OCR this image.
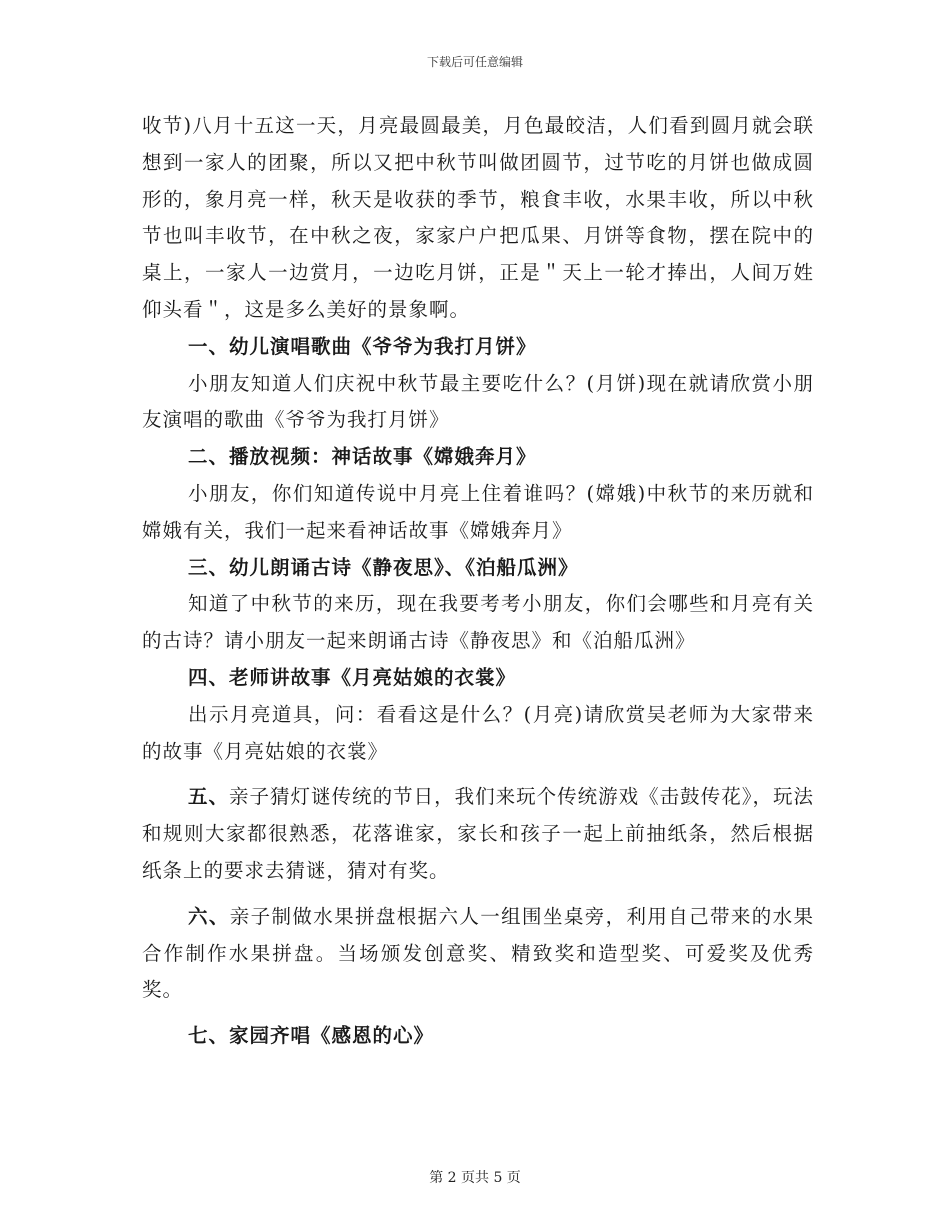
下载后可任意编辑

收节)八月十五这一天，月亮最圆最美，月色最皎洁，人们看到圆月就会联想到一家人的团聚，所以又把中秋节叫做团圆节，过节吃的月饼也做成圆形的，象月亮一样，秋天是收获的季节，粮食丰收，水果丰收，所以中秋节也叫丰收节，在中秋之夜，家家户户把瓜果、月饼等食物，摆在院中的桌上，一家人一边赏月，一边吃月饼，正是＂天上一轮才捧出，人间万姓仰头看＂，这是多么美好的景象啊。

一、幼儿演唱歌曲《爷爷为我打月饼》

小朋友知道人们庆祝中秋节最主要吃什么？(月饼)现在就请欣赏小朋友演唱的歌曲《爷爷为我打月饼》

二、播放视频：神话故事《嫦娥奔月》

小朋友，你们知道传说中月亮上住着谁吗？(嫦娥)中秋节的来历就和嫦娥有关，我们一起来看神话故事《嫦娥奔月》

三、幼儿朗诵古诗《静夜思》、《泊船瓜洲》

知道了中秋节的来历，现在我要考考小朋友，你们会哪些和月亮有关的古诗？请小朋友一起来朗诵古诗《静夜思》和《泊船瓜洲》

四、老师讲故事《月亮姑娘的衣裳》

出示月亮道具，问：看看这是什么？(月亮)请欣赏吴老师为大家带来的故事《月亮姑娘的衣裳》

五、亲子猜灯谜传统的节日，我们来玩个传统游戏《击鼓传花》，玩法和规则大家都很熟悉，花落谁家，家长和孩子一起上前抽纸条，然后根据纸条上的要求去猜谜，猜对有奖。

六、亲子制做水果拼盘根据六人一组围坐桌旁，利用自己带来的水果合作制作水果拼盘。当场颁发创意奖、精致奖和造型奖、可爱奖及优秀奖。

七、家园齐唱《感恩的心》

第 2 页共 5 页
